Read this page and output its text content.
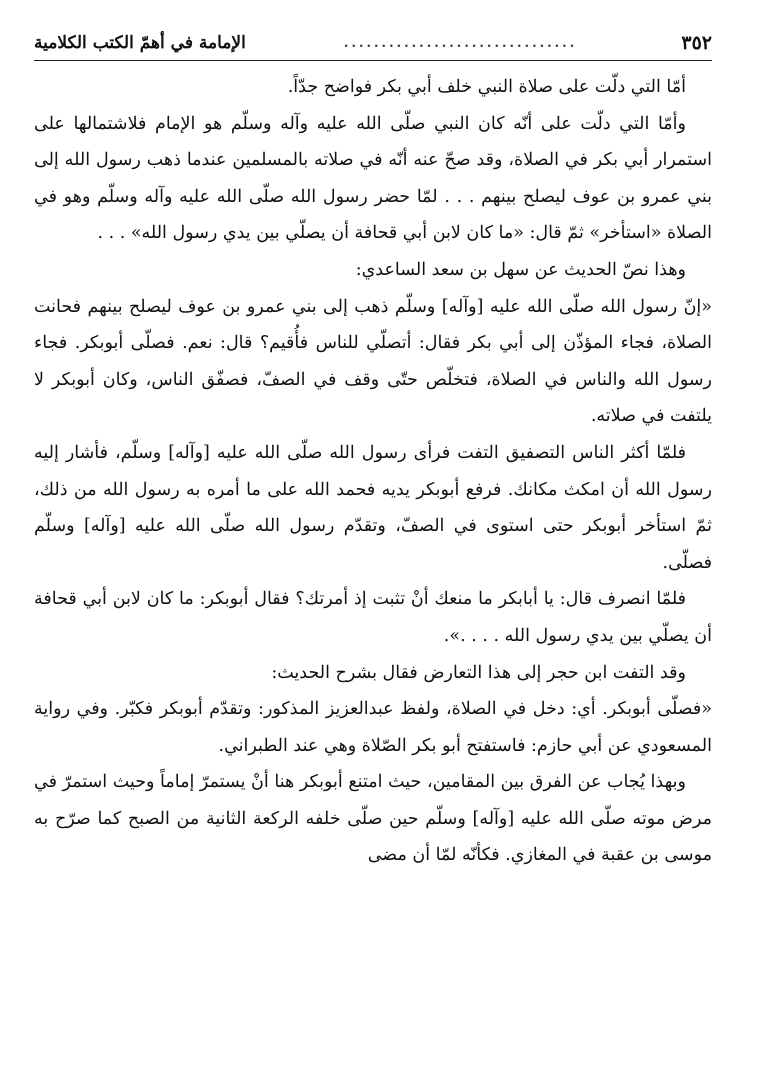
٣٥٢
...............................
الإمامة في أهمّ الكتب الكلامية

أمّا التي دلّت على صلاة النبي خلف أبي بكر فواضح جدّاً.

وأمّا التي دلّت على أنّه كان النبي صلّى الله عليه وآله وسلّم هو الإمام فلاشتمالها على استمرار أبي بكر في الصلاة، وقد صحّ عنه أنّه في صلاته بالمسلمين عندما ذهب رسول الله إلى بني عمرو بن عوف ليصلح بينهم . . . لمّا حضر رسول الله صلّى الله عليه وآله وسلّم وهو في الصلاة «استأخر» ثمّ قال: «ما كان لابن أبي قحافة أن يصلّي بين يدي رسول الله» . . .

وهذا نصّ الحديث عن سهل بن سعد الساعدي:

«إنّ رسول الله صلّى الله عليه [وآله] وسلّم ذهب إلى بني عمرو بن عوف ليصلح بينهم فحانت الصلاة، فجاء المؤذّن إلى أبي بكر فقال: أتصلّي للناس فأُقيم؟ قال: نعم. فصلّى أبوبكر. فجاء رسول الله والناس في الصلاة، فتخلّص حتّى وقف في الصفّ، فصفّق الناس، وكان أبوبكر لا يلتفت في صلاته.

فلمّا أكثر الناس التصفيق التفت فرأى رسول الله صلّى الله عليه [وآله] وسلّم، فأشار إليه رسول الله أن امكث مكانك. فرفع أبوبكر يديه فحمد الله على ما أمره به رسول الله من ذلك، ثمّ استأخر أبوبكر حتى استوى في الصفّ، وتقدّم رسول الله صلّى الله عليه [وآله] وسلّم فصلّى.

فلمّا انصرف قال: يا أبابكر ما منعك أنْ تثبت إذ أمرتك؟ فقال أبوبكر: ما كان لابن أبي قحافة أن يصلّي بين يدي رسول الله . . . .».

وقد التفت ابن حجر إلى هذا التعارض فقال بشرح الحديث:

«فصلّى أبوبكر. أي: دخل في الصلاة، ولفظ عبدالعزيز المذكور: وتقدّم أبوبكر فكبّر. وفي رواية المسعودي عن أبي حازم: فاستفتح أبو بكر الصّلاة وهي عند الطبراني.

وبهذا يُجاب عن الفرق بين المقامين، حيث امتنع أبوبكر هنا أنْ يستمرّ إماماً وحيث استمرّ في مرض موته صلّى الله عليه [وآله] وسلّم حين صلّى خلفه الركعة الثانية من الصبح كما صرّح به موسى بن عقبة في المغازي. فكأنّه لمّا أن مضى
